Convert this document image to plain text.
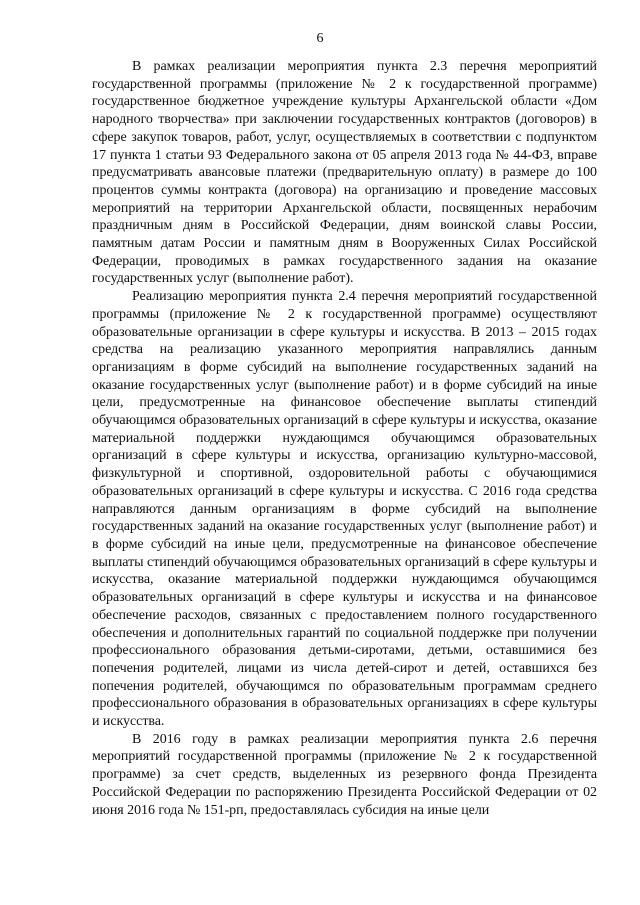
6

В рамках реализации мероприятия пункта 2.3 перечня мероприятий государственной программы (приложение № 2 к государственной программе) государственное бюджетное учреждение культуры Архангельской области «Дом народного творчества» при заключении государственных контрактов (договоров) в сфере закупок товаров, работ, услуг, осуществляемых в соответствии с подпунктом 17 пункта 1 статьи 93 Федерального закона от 05 апреля 2013 года № 44-ФЗ, вправе предусматривать авансовые платежи (предварительную оплату) в размере до 100 процентов суммы контракта (договора) на организацию и проведение массовых мероприятий на территории Архангельской области, посвященных нерабочим праздничным дням в Российской Федерации, дням воинской славы России, памятным датам России и памятным дням в Вооруженных Силах Российской Федерации, проводимых в рамках государственного задания на оказание государственных услуг (выполнение работ).

Реализацию мероприятия пункта 2.4 перечня мероприятий государственной программы (приложение № 2 к государственной программе) осуществляют образовательные организации в сфере культуры и искусства. В 2013 – 2015 годах средства на реализацию указанного мероприятия направлялись данным организациям в форме субсидий на выполнение государственных заданий на оказание государственных услуг (выполнение работ) и в форме субсидий на иные цели, предусмотренные на финансовое обеспечение выплаты стипендий обучающимся образовательных организаций в сфере культуры и искусства, оказание материальной поддержки нуждающимся обучающимся образовательных организаций в сфере культуры и искусства, организацию культурно-массовой, физкультурной и спортивной, оздоровительной работы с обучающимися образовательных организаций в сфере культуры и искусства. С 2016 года средства направляются данным организациям в форме субсидий на выполнение государственных заданий на оказание государственных услуг (выполнение работ) и в форме субсидий на иные цели, предусмотренные на финансовое обеспечение выплаты стипендий обучающимся образовательных организаций в сфере культуры и искусства, оказание материальной поддержки нуждающимся обучающимся образовательных организаций в сфере культуры и искусства и на финансовое обеспечение расходов, связанных с предоставлением полного государственного обеспечения и дополнительных гарантий по социальной поддержке при получении профессионального образования детьми-сиротами, детьми, оставшимися без попечения родителей, лицами из числа детей-сирот и детей, оставшихся без попечения родителей, обучающимся по образовательным программам среднего профессионального образования в образовательных организациях в сфере культуры и искусства.

В 2016 году в рамках реализации мероприятия пункта 2.6 перечня мероприятий государственной программы (приложение № 2 к государственной программе) за счет средств, выделенных из резервного фонда Президента Российской Федерации по распоряжению Президента Российской Федерации от 02 июня 2016 года № 151-рп, предоставлялась субсидия на иные цели
